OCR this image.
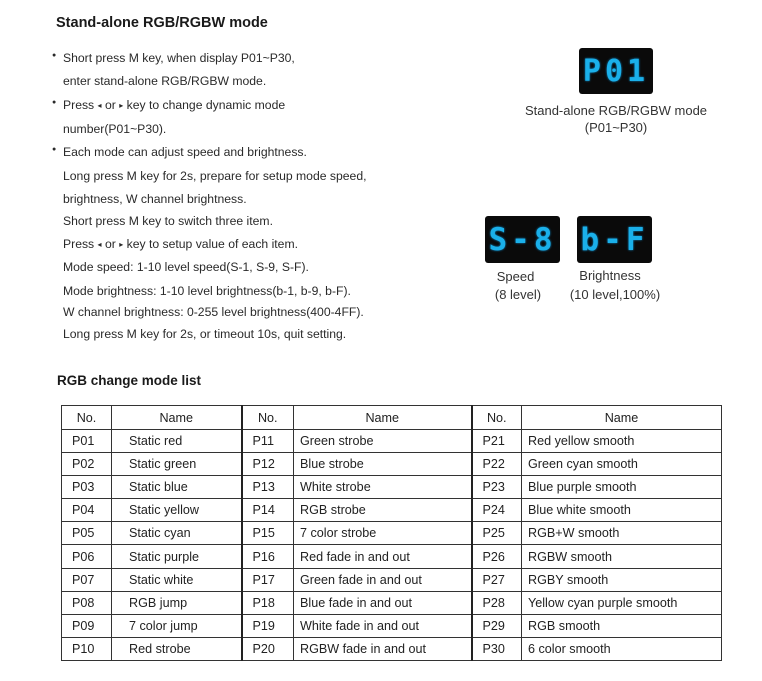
Stand-alone RGB/RGBW mode
Short press M key, when display P01~P30,
enter stand-alone RGB/RGBW mode.
Press ◂ or ▸ key to change dynamic mode
number(P01~P30).
Each mode can adjust speed and brightness.
Long press M key for 2s, prepare for setup mode speed,
brightness, W channel brightness.
Short press M key to switch three item.
Press ◂ or ▸ key to setup value of each item.
Mode speed: 1-10 level speed(S-1, S-9, S-F).
Mode brightness: 1-10 level brightness(b-1, b-9, b-F).
W channel brightness: 0-255 level brightness(400-4FF).
Long press M key for 2s, or timeout 10s, quit setting.
P01
Stand-alone RGB/RGBW mode
(P01~P30)
S-8 b-F
Speed
(8 level)
Brightness
(10 level,100%)
RGB change mode list
No.	Name	No.	Name	No.	Name
P01	Static red	P11	Green strobe	P21	Red yellow smooth
P02	Static green	P12	Blue strobe	P22	Green cyan smooth
P03	Static blue	P13	White strobe	P23	Blue purple smooth
P04	Static yellow	P14	RGB strobe	P24	Blue white smooth
P05	Static cyan	P15	7 color strobe	P25	RGB+W smooth
P06	Static purple	P16	Red fade in and out	P26	RGBW smooth
P07	Static white	P17	Green fade in and out	P27	RGBY smooth
P08	RGB jump	P18	Blue fade in and out	P28	Yellow cyan purple smooth
P09	7 color jump	P19	White fade in and out	P29	RGB smooth
P10	Red strobe	P20	RGBW fade in and out	P30	6 color smooth
